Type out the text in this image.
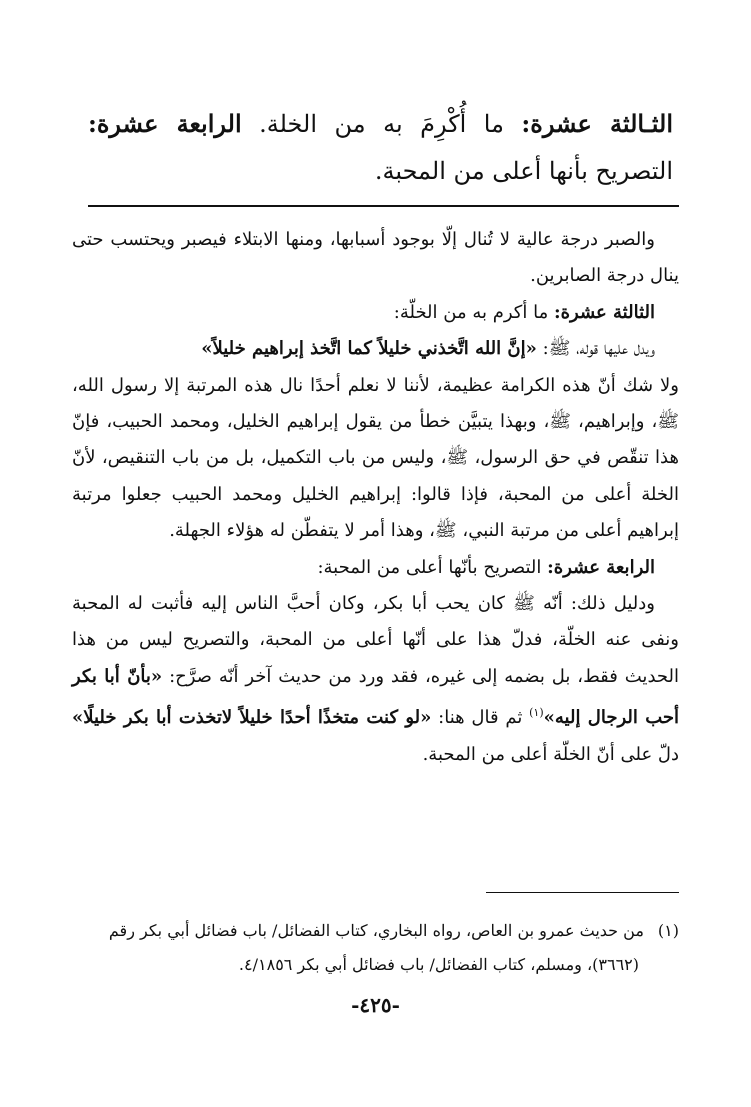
الثـالثة عشرة: ما أُكْرِمَ به من الخلة. الرابعة عشرة: التصريح بأنها أعلى من المحبة.

والصبر درجة عالية لا تُنال إلّا بوجود أسبابها، ومنها الابتلاء فيصبر ويحتسب حتى ينال درجة الصابرين.

الثالثة عشرة: ما أكرم به من الخلّة:

ويدل عليها قوله، ﷺ: «إنَّ الله اتَّخذني خليلاً كما اتَّخذ إبراهيم خليلاً»

ولا شك أنّ هذه الكرامة عظيمة، لأننا لا نعلم أحدًا نال هذه المرتبة إلا رسول الله، ﷺ، وإبراهيم، ﷺ، وبهذا يتبيَّن خطأ من يقول إبراهيم الخليل، ومحمد الحبيب، فإنّ هذا تنقّص في حق الرسول، ﷺ، وليس من باب التكميل، بل من باب التنقيص، لأنّ الخلة أعلى من المحبة، فإذا قالوا: إبراهيم الخليل ومحمد الحبيب جعلوا مرتبة إبراهيم أعلى من مرتبة النبي، ﷺ، وهذا أمر لا يتفطّن له هؤلاء الجهلة.

الرابعة عشرة: التصريح بأنّها أعلى من المحبة:

ودليل ذلك: أنّه ﷺ كان يحب أبا بكر، وكان أحبَّ الناس إليه فأثبت له المحبة ونفى عنه الخلّة، فدلّ هذا على أنّها أعلى من المحبة، والتصريح ليس من هذا الحديث فقط، بل بضمه إلى غيره، فقد ورد من حديث آخر أنّه صرَّح: «بأنّ أبا بكر أحب الرجال إليه»$^{(١)}$ ثم قال هنا: «لو كنت متخذًا أحدًا خليلاً لاتخذت أبا بكر خليلًا» دلّ على أنّ الخلّة أعلى من المحبة.

(١) من حديث عمرو بن العاص، رواه البخاري، كتاب الفضائل/ باب فضائل أبي بكر رقم

(٣٦٦٢)، ومسلم، كتاب الفضائل/ باب فضائل أبي بكر ٤/١٨٥٦.

-٤٢٥-
